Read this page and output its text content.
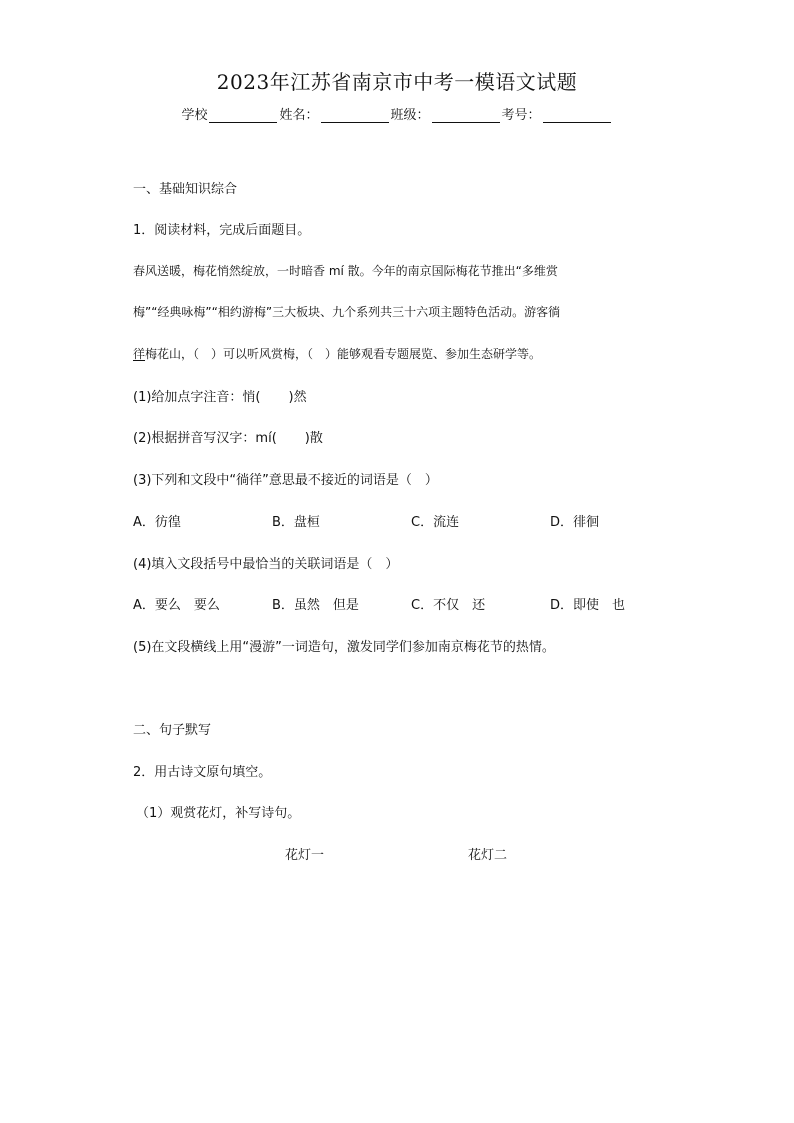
2023年江苏省南京市中考一模语文试题
学校	姓名：	班级：	考号：
一、基础知识综合
1．阅读材料，完成后面题目。
春风送暖，梅花悄然绽放，一时暗香 mí 散。今年的南京国际梅花节推出“多维赏
梅”“经典咏梅”“相约游梅”三大板块、九个系列共三十六项主题特色活动。游客徜
徉梅花山，（　）可以听风赏梅，（　）能够观看专题展览、参加生态研学等。
(1)给加点字注音：悄( )然
(2)根据拼音写汉字：mí( )散
(3)下列和文段中“徜徉”意思最不接近的词语是（　）
A．彷徨	B．盘桓	C．流连	D．徘徊
(4)填入文段括号中最恰当的关联词语是（　）
A．要么　要么	B．虽然　但是	C．不仅　还	D．即使　也
(5)在文段横线上用“漫游”一词造句，激发同学们参加南京梅花节的热情。
二、句子默写
2．用古诗文原句填空。
（1）观赏花灯，补写诗句。
花灯一	花灯二
